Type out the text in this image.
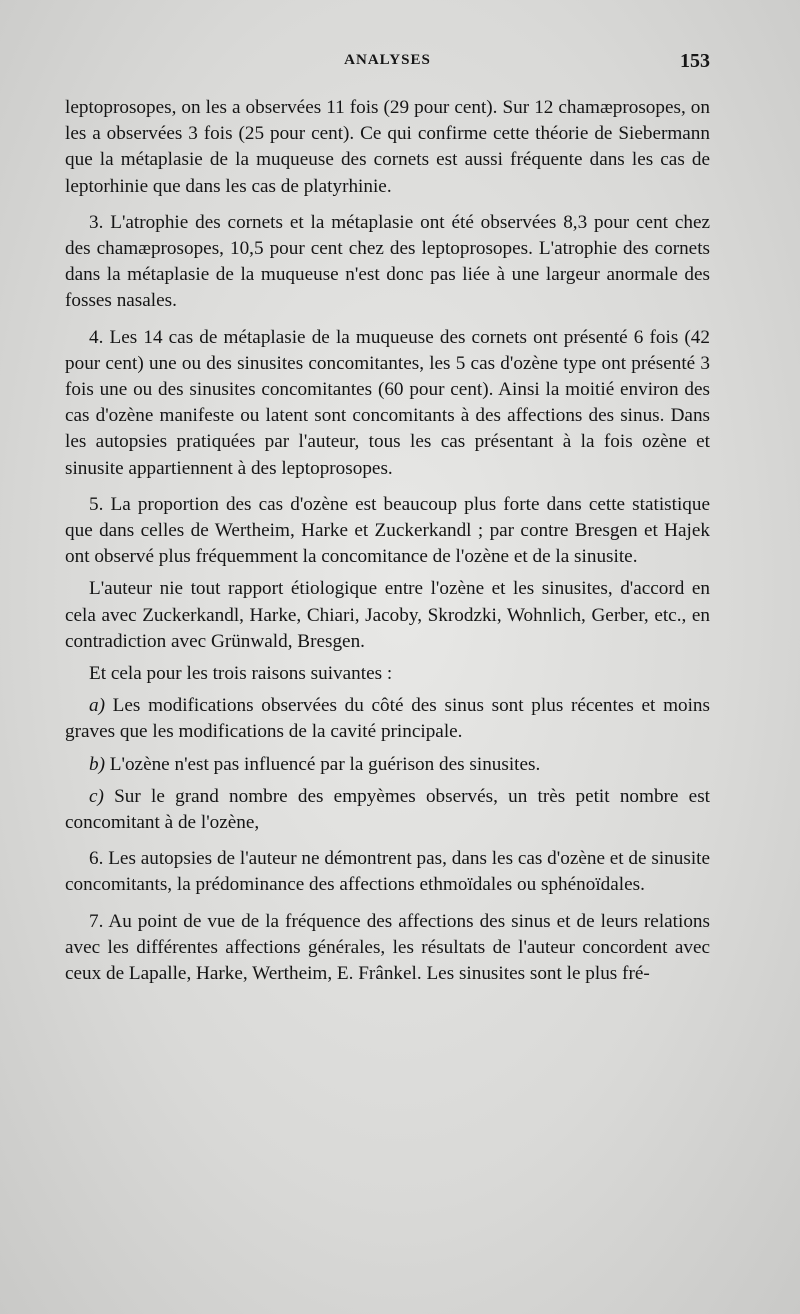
ANALYSES	153

leptoprosopes, on les a observées 11 fois (29 pour cent). Sur 12 chamæprosopes, on les a observées 3 fois (25 pour cent). Ce qui confirme cette théorie de Siebermann que la métaplasie de la muqueuse des cornets est aussi fréquente dans les cas de leptorhinie que dans les cas de platyrhinie.

3. L'atrophie des cornets et la métaplasie ont été observées 8,3 pour cent chez des chamæprosopes, 10,5 pour cent chez des leptoprosopes. L'atrophie des cornets dans la métaplasie de la muqueuse n'est donc pas liée à une largeur anormale des fosses nasales.

4. Les 14 cas de métaplasie de la muqueuse des cornets ont présenté 6 fois (42 pour cent) une ou des sinusites concomitantes, les 5 cas d'ozène type ont présenté 3 fois une ou des sinusites concomitantes (60 pour cent). Ainsi la moitié environ des cas d'ozène manifeste ou latent sont concomitants à des affections des sinus. Dans les autopsies pratiquées par l'auteur, tous les cas présentant à la fois ozène et sinusite appartiennent à des leptoprosopes.

5. La proportion des cas d'ozène est beaucoup plus forte dans cette statistique que dans celles de Wertheim, Harke et Zuckerkandl ; par contre Bresgen et Hajek ont observé plus fréquemment la concomitance de l'ozène et de la sinusite.

L'auteur nie tout rapport étiologique entre l'ozène et les sinusites, d'accord en cela avec Zuckerkandl, Harke, Chiari, Jacoby, Skrodzki, Wohnlich, Gerber, etc., en contradiction avec Grünwald, Bresgen.

Et cela pour les trois raisons suivantes :

a) Les modifications observées du côté des sinus sont plus récentes et moins graves que les modifications de la cavité principale.

b) L'ozène n'est pas influencé par la guérison des sinusites.

c) Sur le grand nombre des empyèmes observés, un très petit nombre est concomitant à de l'ozène,

6. Les autopsies de l'auteur ne démontrent pas, dans les cas d'ozène et de sinusite concomitants, la prédominance des affections ethmoïdales ou sphénoïdales.

7. Au point de vue de la fréquence des affections des sinus et de leurs relations avec les différentes affections générales, les résultats de l'auteur concordent avec ceux de Lapalle, Harke, Wertheim, E. Frânkel. Les sinusites sont le plus fré-
